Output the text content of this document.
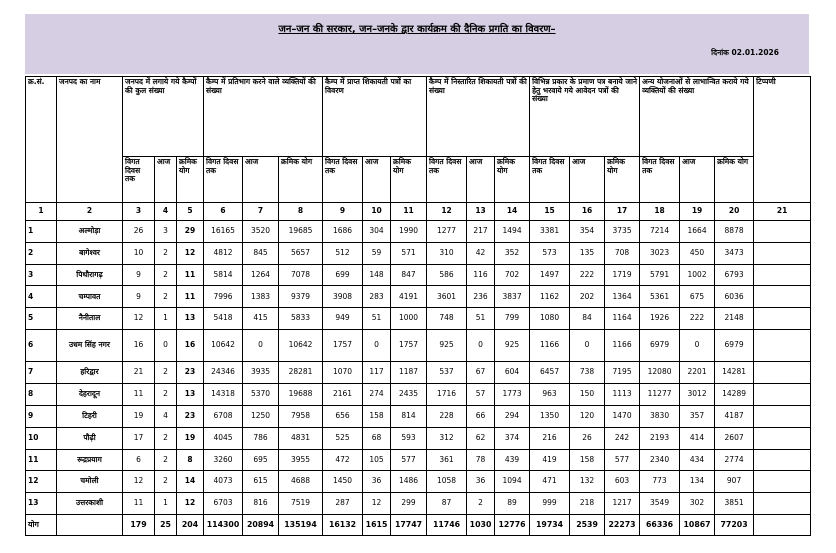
जन–जन की सरकार, जन–जनके द्वार कार्यक्रम की दैनिक प्रगति का विवरण–
दिनांक 02.01.2026
क्र.सं.	जनपद का नाम	जनपद में लगाये गये कैम्पों की कुल संख्या			कैम्प में प्रतिभाग करने वाले व्यक्तियों की संख्या			कैम्प में प्राप्त शिकायती पत्रों का विवरण			कैम्प में निस्तारित शिकायती पत्रों की संख्या			विभिन्न प्रकार के प्रमाण पत्र बनाये जाने हेतु भरवाये गये आवेदन पत्रों की संख्या			अन्य योजनाओं से लाभान्वित कराये गये व्यक्तियों की संख्या			टिप्पणी
		विगत दिवस तक	आज	क्रमिक योग	विगत दिवस तक	आज	क्रमिक योग	विगत दिवस तक	आज	क्रमिक योग	विगत दिवस तक	आज	क्रमिक योग	विगत दिवस तक	आज	क्रमिक योग	विगत दिवस तक	आज	क्रमिक योग	
1	2	3	4	5	6	7	8	9	10	11	12	13	14	15	16	17	18	19	20	21
1	अल्मोड़ा	26	3	29	16165	3520	19685	1686	304	1990	1277	217	1494	3381	354	3735	7214	1664	8878	
2	बागेश्वर	10	2	12	4812	845	5657	512	59	571	310	42	352	573	135	708	3023	450	3473	
3	पिथौरागढ़	9	2	11	5814	1264	7078	699	148	847	586	116	702	1497	222	1719	5791	1002	6793	
4	चम्पावत	9	2	11	7996	1383	9379	3908	283	4191	3601	236	3837	1162	202	1364	5361	675	6036	
5	नैनीताल	12	1	13	5418	415	5833	949	51	1000	748	51	799	1080	84	1164	1926	222	2148	
6	उधम सिंह नगर	16	0	16	10642	0	10642	1757	0	1757	925	0	925	1166	0	1166	6979	0	6979	
7	हरिद्वार	21	2	23	24346	3935	28281	1070	117	1187	537	67	604	6457	738	7195	12080	2201	14281	
8	देहरादून	11	2	13	14318	5370	19688	2161	274	2435	1716	57	1773	963	150	1113	11277	3012	14289	
9	टिहरी	19	4	23	6708	1250	7958	656	158	814	228	66	294	1350	120	1470	3830	357	4187	
10	पौढ़ी	17	2	19	4045	786	4831	525	68	593	312	62	374	216	26	242	2193	414	2607	
11	रूद्रप्रयाग	6	2	8	3260	695	3955	472	105	577	361	78	439	419	158	577	2340	434	2774	
12	चमोली	12	2	14	4073	615	4688	1450	36	1486	1058	36	1094	471	132	603	773	134	907	
13	उत्तरकाशी	11	1	12	6703	816	7519	287	12	299	87	2	89	999	218	1217	3549	302	3851	
योग		179	25	204	114300	20894	135194	16132	1615	17747	11746	1030	12776	19734	2539	22273	66336	10867	77203	
